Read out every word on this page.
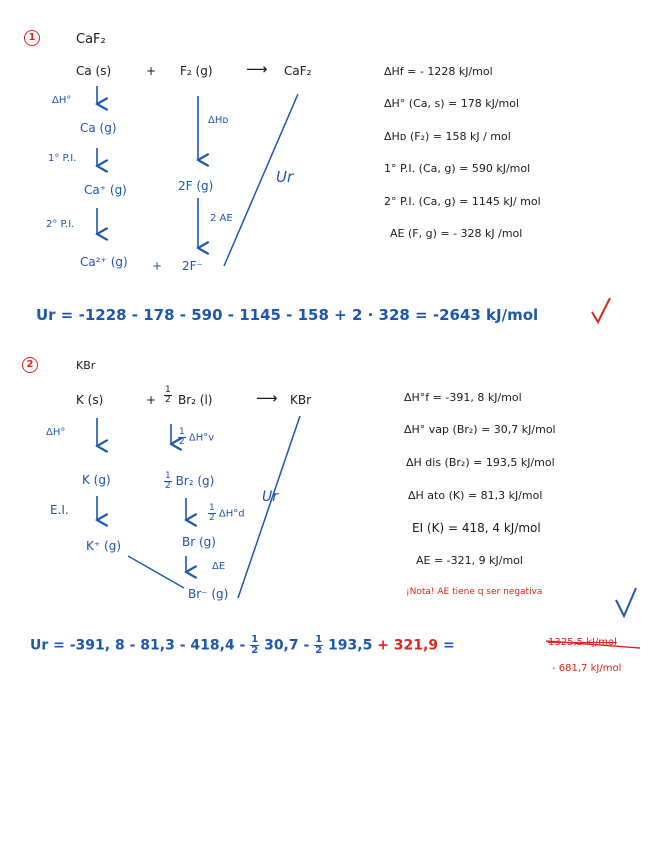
1	CaF₂
Ca (s)	+ F₂ (g) ⟶ CaF₂
ΔH°
Ca (g)
1° P.I.
Ca⁺ (g)
2° P.I.
Ca²⁺ (g) +
ΔHᴅ
2F (g)
2 AE
2F⁻
Ur
ΔHf = - 1228 kJ/mol
ΔH° (Ca, s) = 178 kJ/mol
ΔHᴅ (F₂) = 158 kJ / mol
1° P.I. (Ca, g) = 590 kJ/mol
2° P.I. (Ca, g) = 1145 kJ/ mol
AE (F, g) = - 328 kJ /mol
Ur = -1228 - 178 - 590 - 1145 - 158 + 2 · 328 = -2643 kJ/mol
2	KBr
K (s)	+ $\frac{1}{2} Br_2$ (l)	⟶ KBr
ΔH°
K (g)
E.I.
K⁺ (g)
$\frac{1}{2} \Delta H^\circ v$
$\frac{1}{2} Br_2$ (g)
$\frac{1}{2} \Delta H^\circ d$
Br (g)
ΔE
Br⁻ (g)
Ur
ΔH°f = -391, 8 kJ/mol
ΔH° vap (Br₂) = 30,7 kJ/mol
ΔH dis (Br₂) = 193,5 kJ/mol
ΔH ato (K) = 81,3 kJ/mol
EI (K) = 418, 4 kJ/mol
AE = -321, 9 kJ/mol
¡Nota! AE tiene q ser negativa
Ur = -391, $8 - 81,3 - 418,4 - \frac{1}{2} 30,7 - \frac{1}{2} 193,5 + 321,9$ =	1325,5 kJ/mol
- 681,7 kJ/mol
